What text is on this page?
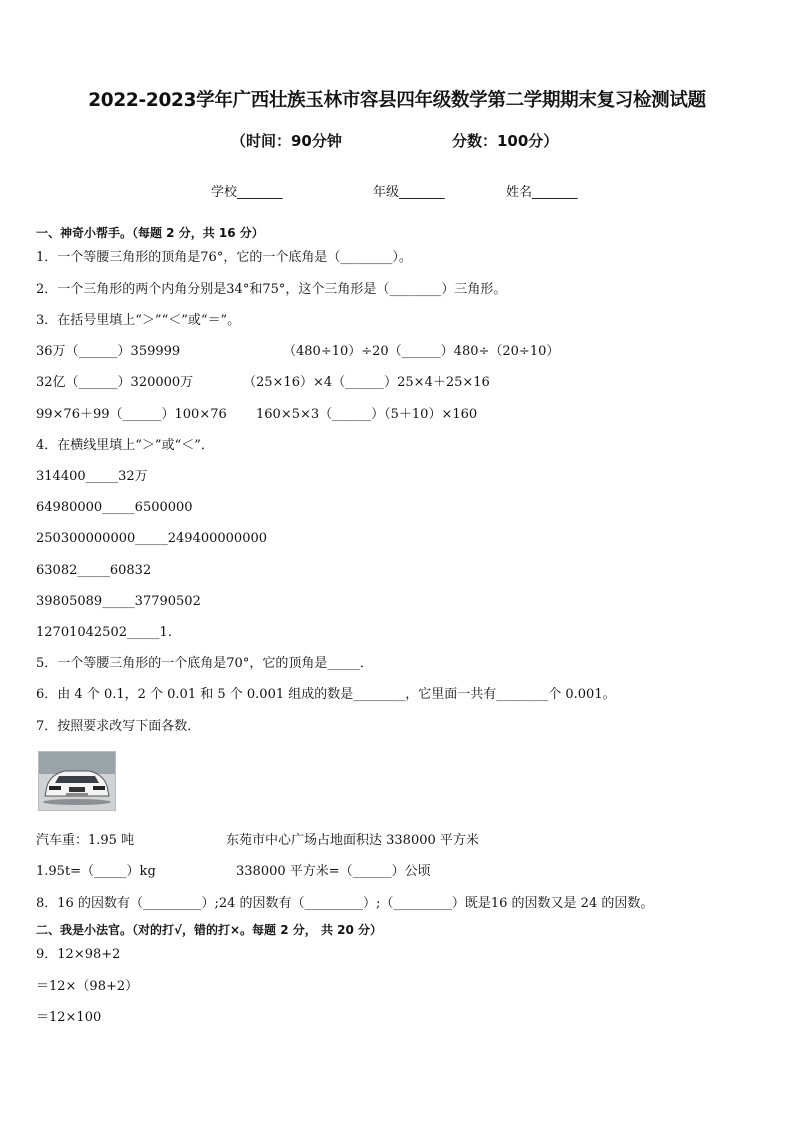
2022-2023学年广西壮族玉林市容县四年级数学第二学期期末复习检测试题
（时间：90分钟	分数：100分）
学校_______	年级_______	姓名_______
一、神奇小帮手。（每题 2 分，共 16 分）
1．一个等腰三角形的顶角是76°，它的一个底角是（________）。
2．一个三角形的两个内角分别是34°和75°，这个三角形是（________）三角形。
3．在括号里填上“＞”“＜”或“＝”。
36万（______）359999	（480÷10）÷20（______）480÷（20÷10）
32亿（______）320000万	（25×16）×4（______）25×4＋25×16
99×76＋99（______）100×76 160×5×3（______）（5＋10）×160
4．在横线里填上“＞”或“＜”．
314400_____32万
64980000_____6500000
250300000000_____249400000000
63082_____60832
39805089_____37790502
12701042502_____1.
5．一个等腰三角形的一个底角是70°，它的顶角是_____．
6．由 4 个 0.1，2 个 0.01 和 5 个 0.001 组成的数是________，它里面一共有________个 0.001。
7．按照要求改写下面各数．
汽车重：1.95 吨	东苑市中心广场占地面积达 338000 平方米
1.95t=（_____）kg	338000 平方米=（______）公顷
8．16 的因数有（_________）;24 的因数有（_________）;（_________）既是16 的因数又是 24 的因数。
二、我是小法官。（对的打√，错的打×。每题 2 分， 共 20 分）
9．12×98+2
＝12×（98+2）
＝12×100
